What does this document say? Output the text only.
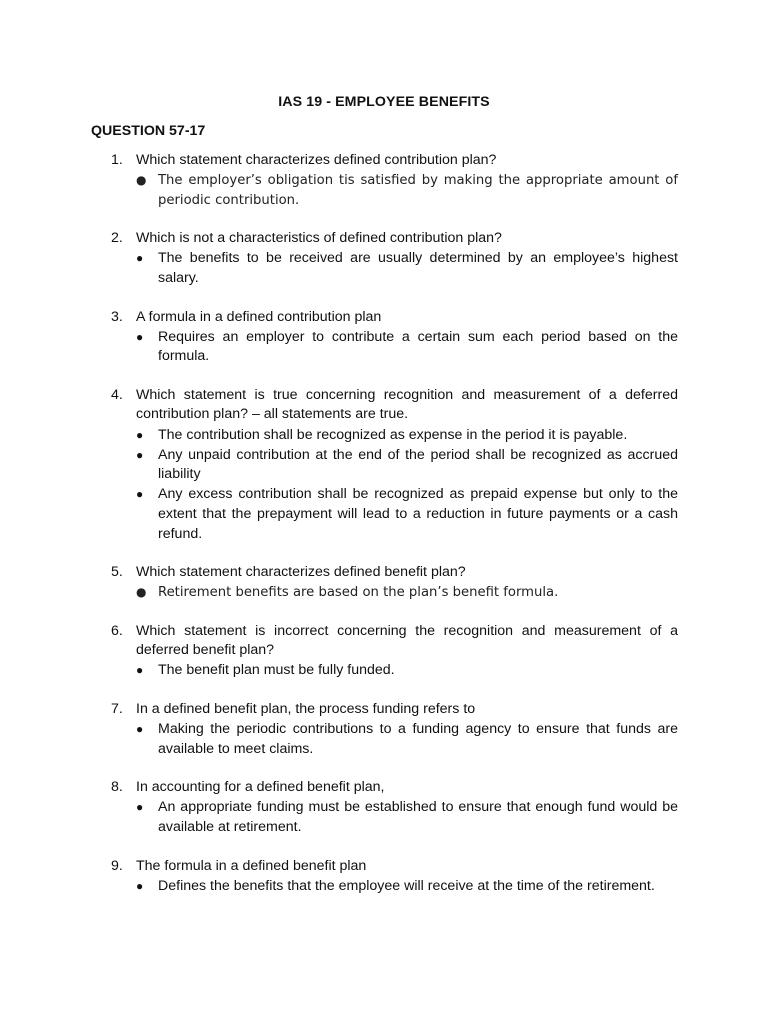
IAS 19 - EMPLOYEE BENEFITS
QUESTION 57-17
1. Which statement characterizes defined contribution plan?
● The employer’s obligation tis satisfied by making the appropriate amount of periodic contribution.
2. Which is not a characteristics of defined contribution plan?
● The benefits to be received are usually determined by an employee’s highest salary.
3. A formula in a defined contribution plan
● Requires an employer to contribute a certain sum each period based on the formula.
4. Which statement is true concerning recognition and measurement of a deferred contribution plan? – all statements are true.
● The contribution shall be recognized as expense in the period it is payable.
● Any unpaid contribution at the end of the period shall be recognized as accrued liability
● Any excess contribution shall be recognized as prepaid expense but only to the extent that the prepayment will lead to a reduction in future payments or a cash refund.
5. Which statement characterizes defined benefit plan?
● Retirement benefits are based on the plan’s benefit formula.
6. Which statement is incorrect concerning the recognition and measurement of a deferred benefit plan?
● The benefit plan must be fully funded.
7. In a defined benefit plan, the process funding refers to
● Making the periodic contributions to a funding agency to ensure that funds are available to meet claims.
8. In accounting for a defined benefit plan,
● An appropriate funding must be established to ensure that enough fund would be available at retirement.
9. The formula in a defined benefit plan
● Defines the benefits that the employee will receive at the time of the retirement.
